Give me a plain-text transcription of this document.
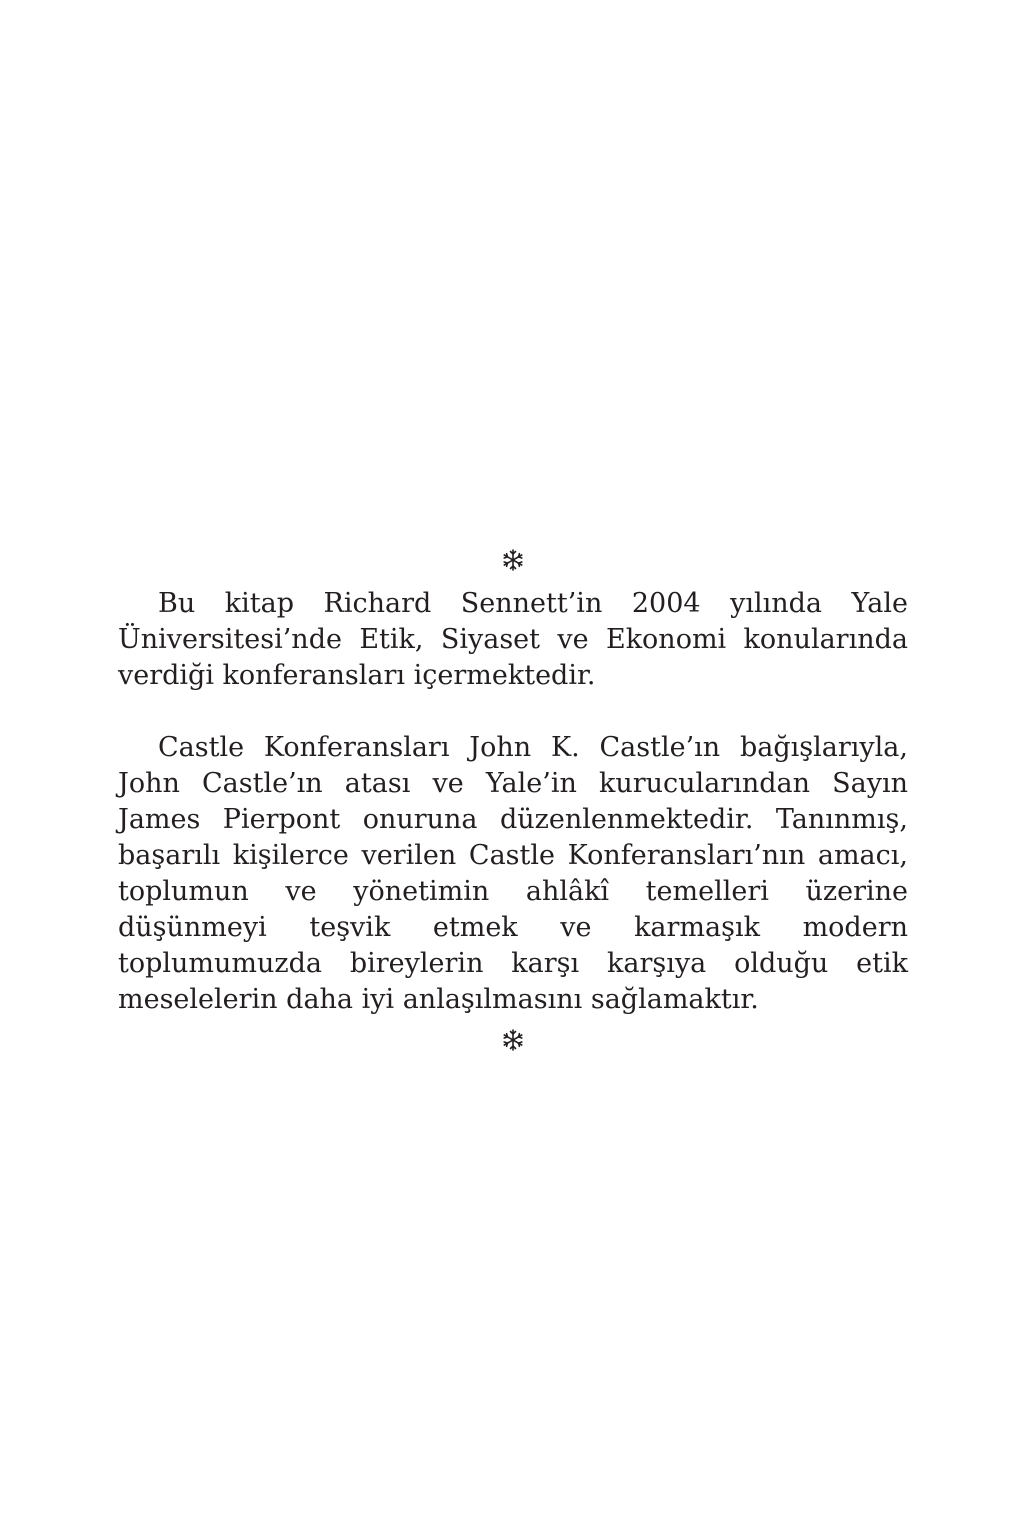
Bu kitap Richard Sennett’in 2004 yılında Yale Üniversitesi’nde Etik, Siyaset ve Ekonomi konularında verdiği konferansları içermektedir.

Castle Konferansları John K. Castle’ın bağışlarıyla, John Castle’ın atası ve Yale’in kurucularından Sayın James Pierpont onuruna düzenlenmektedir. Tanınmış, başarılı kişilerce verilen Castle Konferansları’nın amacı, toplumun ve yönetimin ahlâkî temelleri üzerine düşünmeyi teşvik etmek ve karmaşık modern toplumumuzda bireylerin karşı karşıya olduğu etik meselelerin daha iyi anlaşılmasını sağlamaktır.
